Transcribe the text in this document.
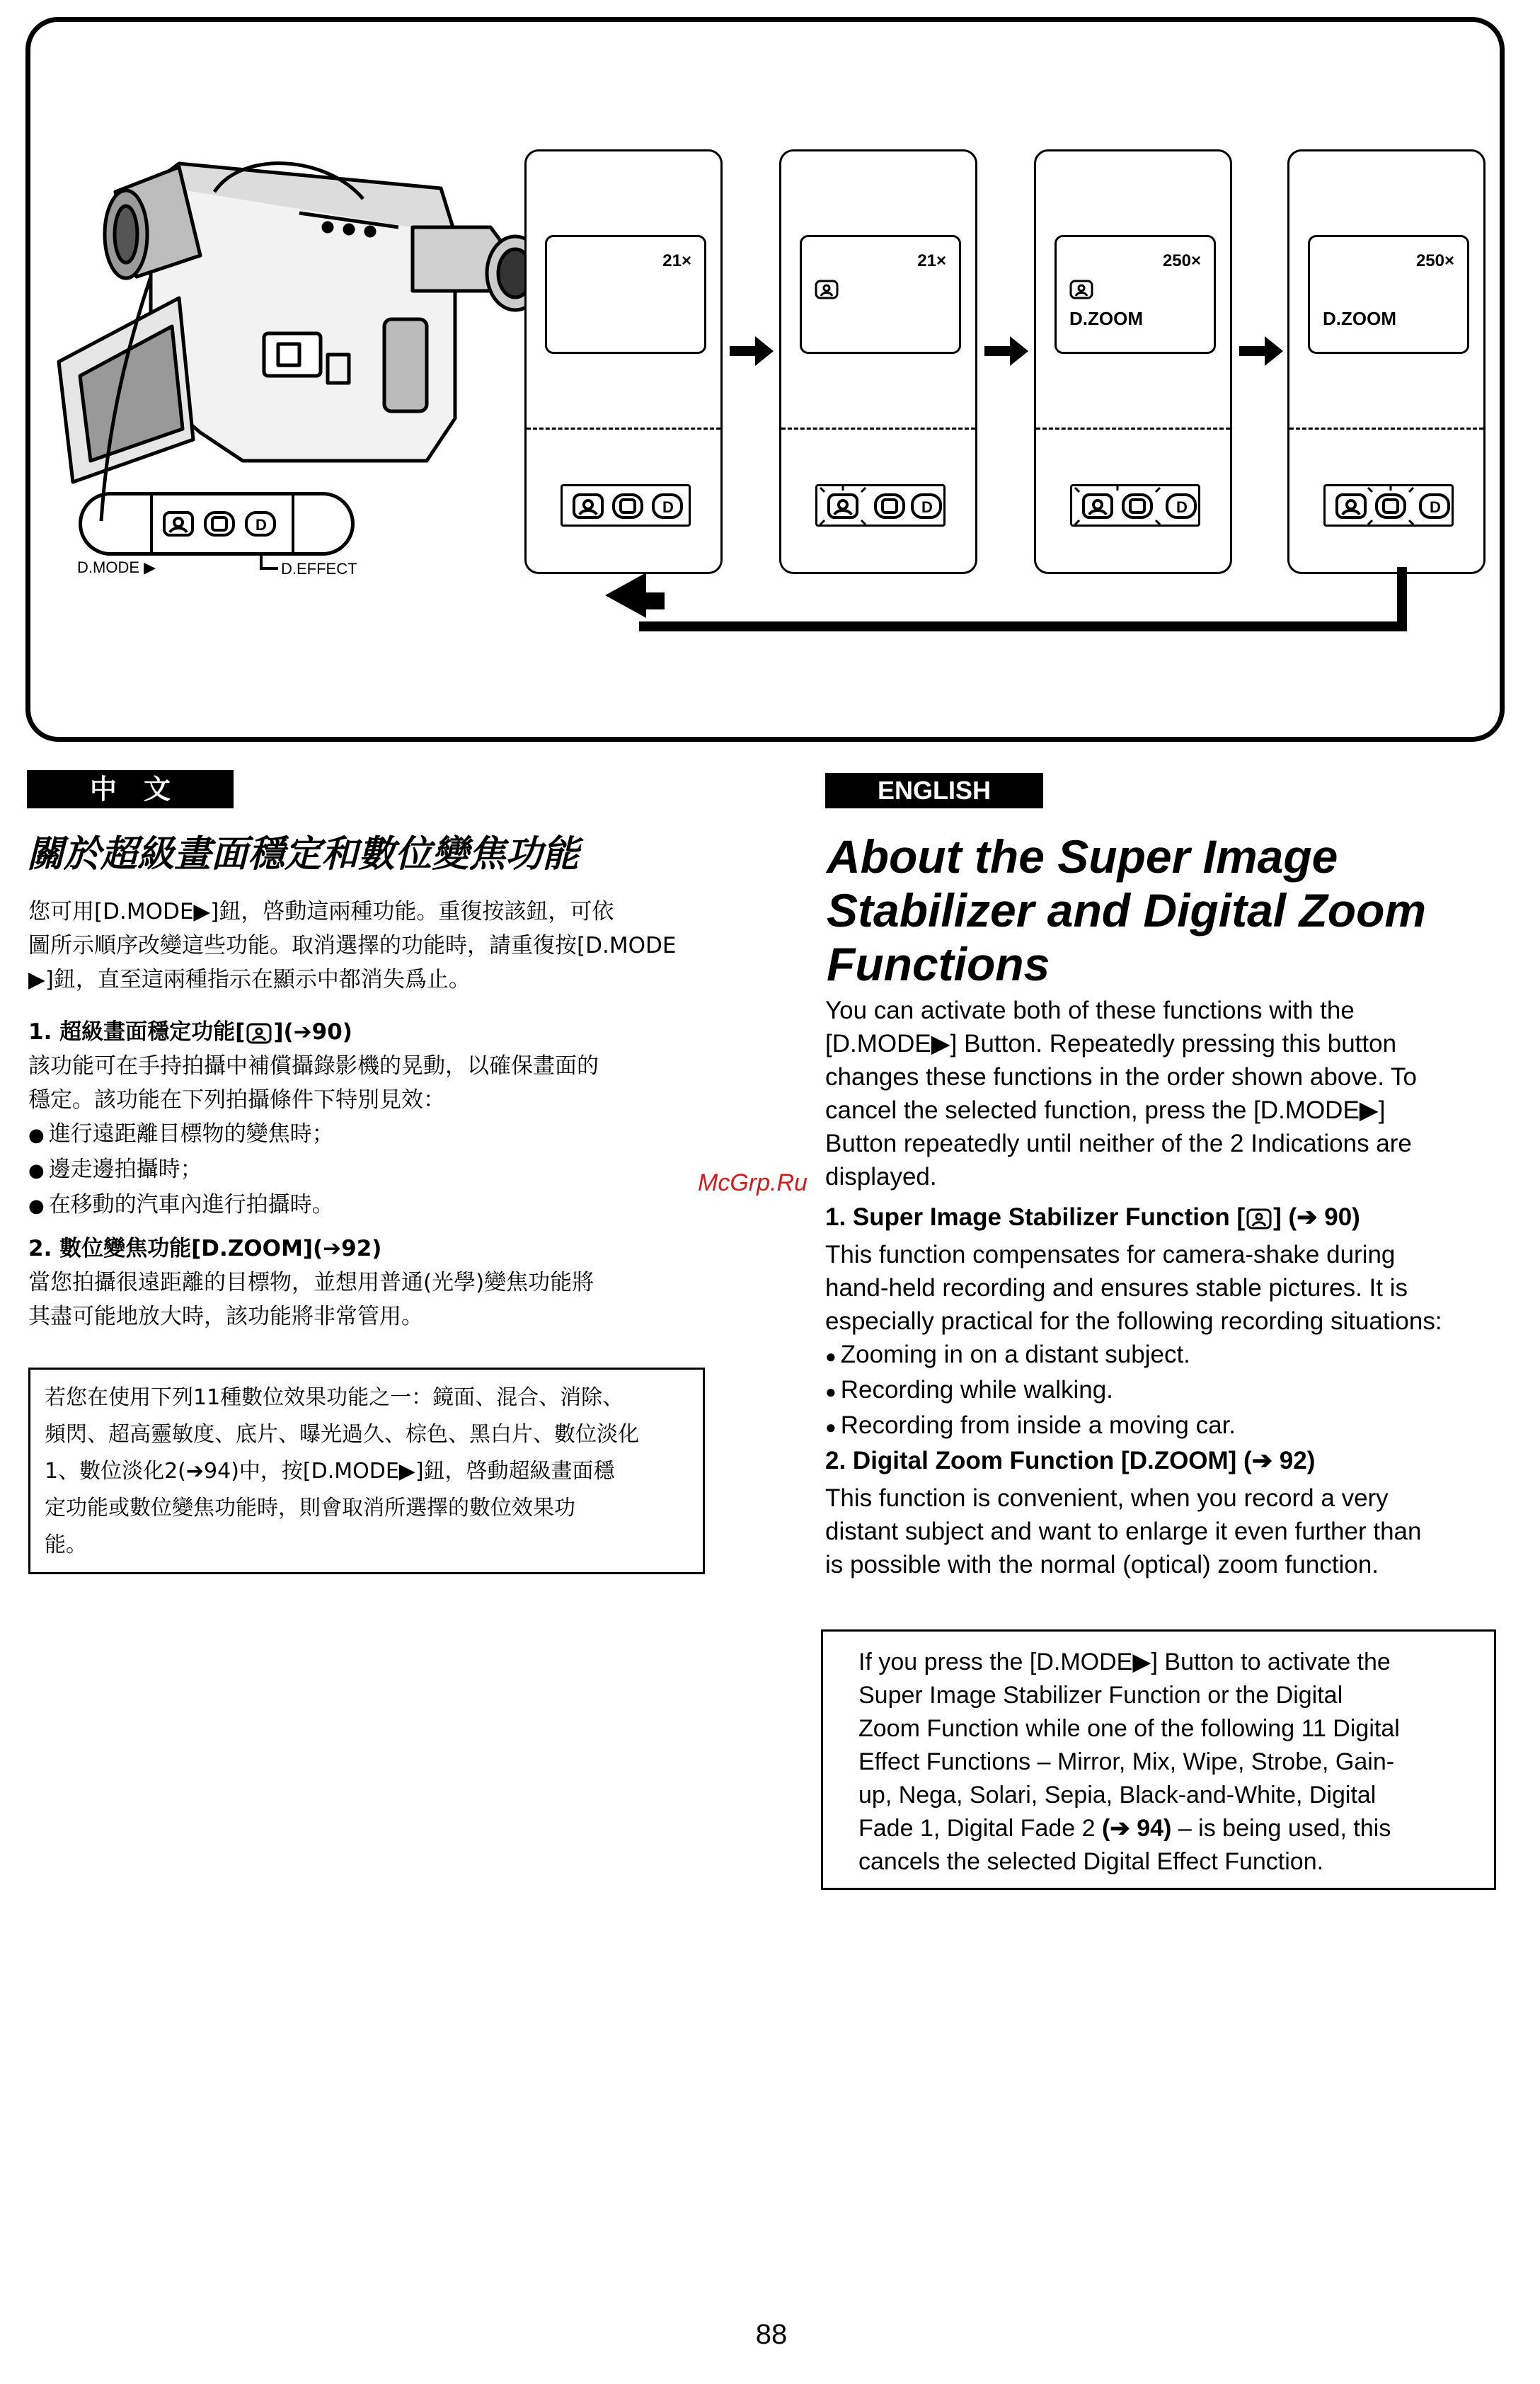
D
D.MODE ▶	D.EFFECT
21×
D
21×
D
250×
D.ZOOM
D
250×
D.ZOOM
D
中　文
關於超級畫面穩定和數位變焦功能
您可用[D.MODE▶]鈕，啓動這兩種功能。重復按該鈕，可依
圖所示順序改變這些功能。取消選擇的功能時，請重復按[D.MODE
▶]鈕，直至這兩種指示在顯示中都消失爲止。
1. 超級畫面穩定功能[ ](➔90)
該功能可在手持拍攝中補償攝錄影機的晃動，以確保畫面的
穩定。該功能在下列拍攝條件下特別見效：
● 進行遠距離目標物的變焦時；
● 邊走邊拍攝時；
● 在移動的汽車內進行拍攝時。
2. 數位變焦功能[D.ZOOM](➔92)
當您拍攝很遠距離的目標物，並想用普通(光學)變焦功能將
其盡可能地放大時，該功能將非常管用。
若您在使用下列11種數位效果功能之一：鏡面、混合、消除、
頻閃、超高靈敏度、底片、曝光過久、棕色、黑白片、數位淡化
1、數位淡化2(➔94)中，按[D.MODE▶]鈕，啓動超級畫面穩
定功能或數位變焦功能時，則會取消所選擇的數位效果功
能。
McGrp.Ru
ENGLISH
About the Super Image
Stabilizer and Digital Zoom
Functions
You can activate both of these functions with the
[D.MODE▶] Button. Repeatedly pressing this button
changes these functions in the order shown above. To
cancel the selected function, press the [D.MODE▶]
Button repeatedly until neither of the 2 Indications are
displayed.
1. Super Image Stabilizer Function [ ] (➔ 90)
This function compensates for camera-shake during
hand-held recording and ensures stable pictures. It is
especially practical for the following recording situations:
● Zooming in on a distant subject.
● Recording while walking.
● Recording from inside a moving car.
2. Digital Zoom Function [D.ZOOM] (➔ 92)
This function is convenient, when you record a very
distant subject and want to enlarge it even further than
is possible with the normal (optical) zoom function.
If you press the [D.MODE▶] Button to activate the
Super Image Stabilizer Function or the Digital
Zoom Function while one of the following 11 Digital
Effect Functions – Mirror, Mix, Wipe, Strobe, Gain-
up, Nega, Solari, Sepia, Black-and-White, Digital
Fade 1, Digital Fade 2 (➔ 94) – is being used, this
cancels the selected Digital Effect Function.
88
